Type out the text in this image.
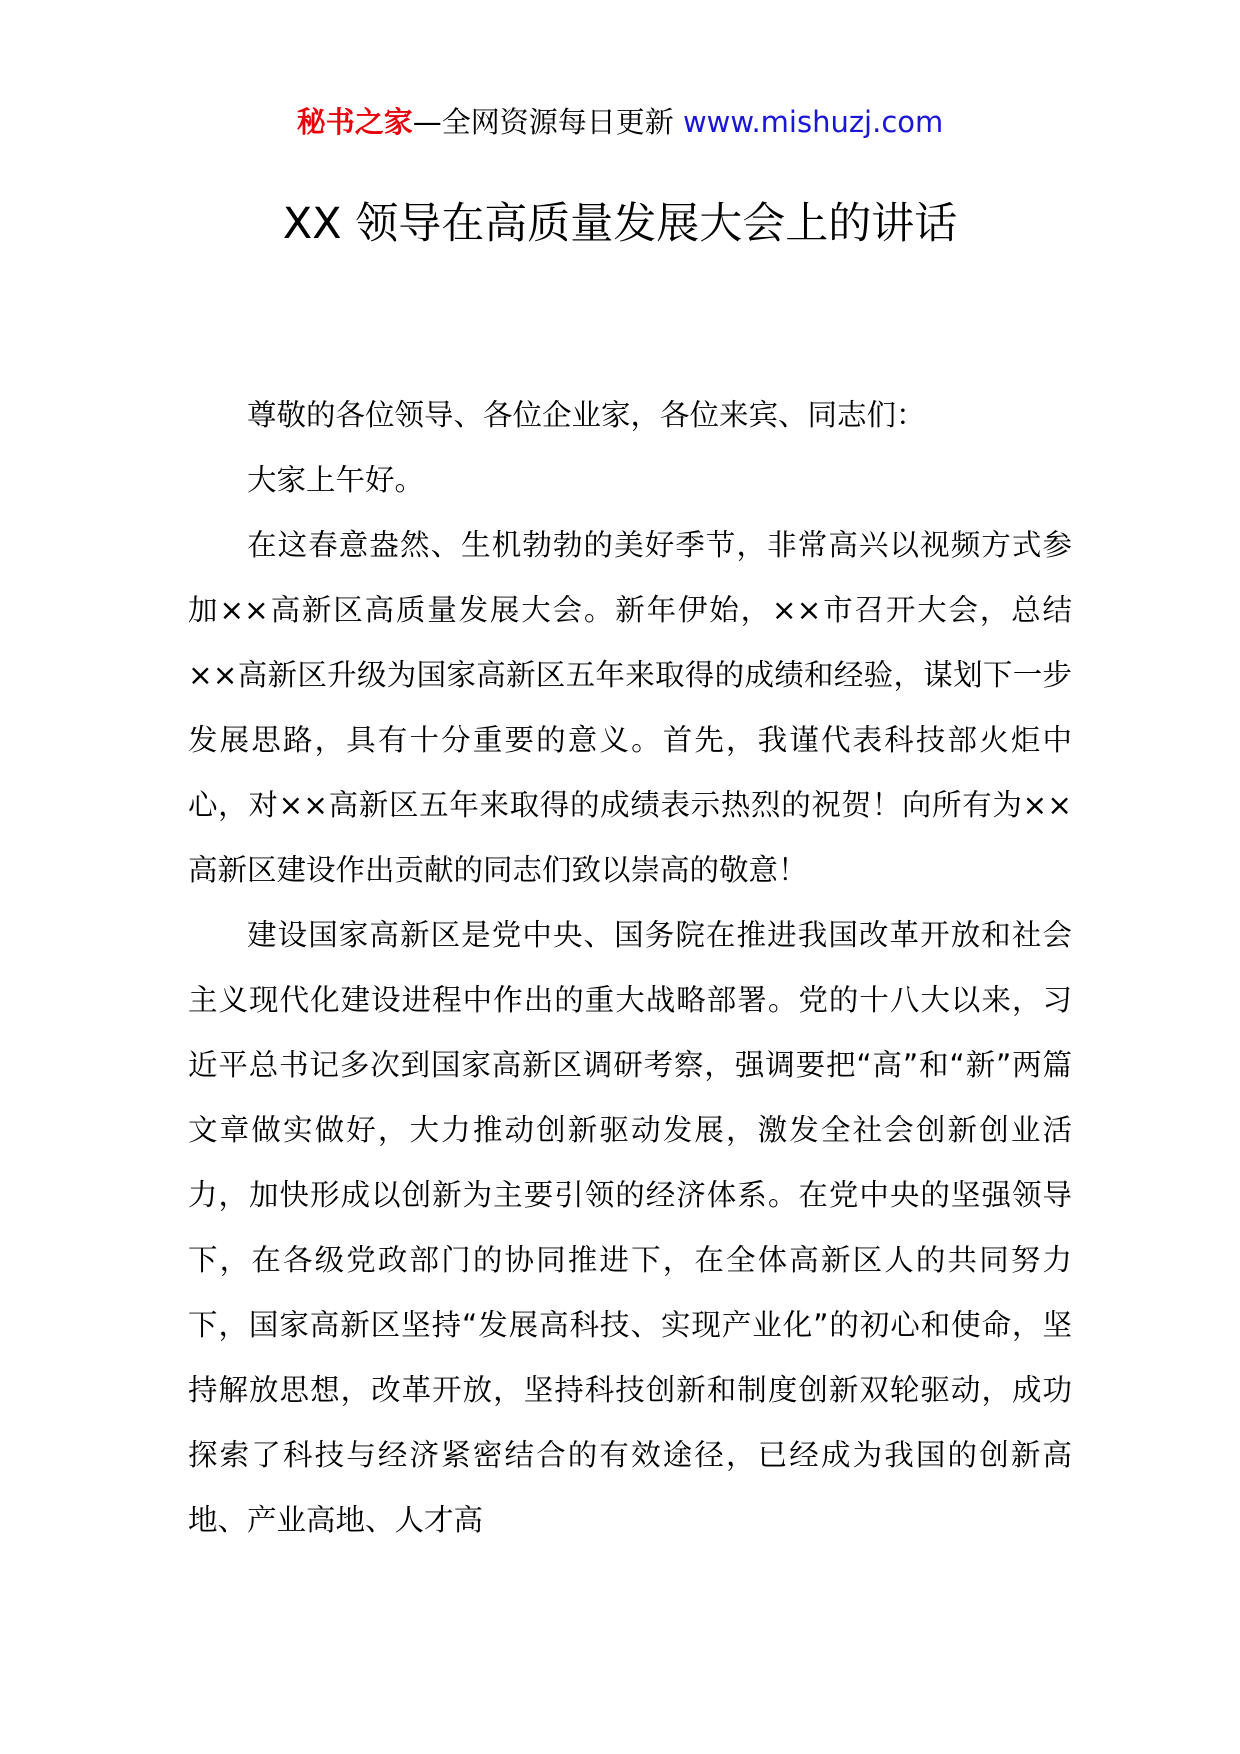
秘书之家—全网资源每日更新 www.mishuzj.com
XX 领导在高质量发展大会上的讲话

尊敬的各位领导、各位企业家，各位来宾、同志们：

大家上午好。

在这春意盎然、生机勃勃的美好季节，非常高兴以视频方式参加××高新区高质量发展大会。新年伊始，××市召开大会，总结××高新区升级为国家高新区五年来取得的成绩和经验，谋划下一步发展思路，具有十分重要的意义。首先，我谨代表科技部火炬中心，对××高新区五年来取得的成绩表示热烈的祝贺！向所有为××高新区建设作出贡献的同志们致以崇高的敬意！

建设国家高新区是党中央、国务院在推进我国改革开放和社会主义现代化建设进程中作出的重大战略部署。党的十八大以来，习近平总书记多次到国家高新区调研考察，强调要把“高”和“新”两篇文章做实做好，大力推动创新驱动发展，激发全社会创新创业活力，加快形成以创新为主要引领的经济体系。在党中央的坚强领导下，在各级党政部门的协同推进下，在全体高新区人的共同努力下，国家高新区坚持“发展高科技、实现产业化”的初心和使命，坚持解放思想，改革开放，坚持科技创新和制度创新双轮驱动，成功探索了科技与经济紧密结合的有效途径，已经成为我国的创新高地、产业高地、人才高
